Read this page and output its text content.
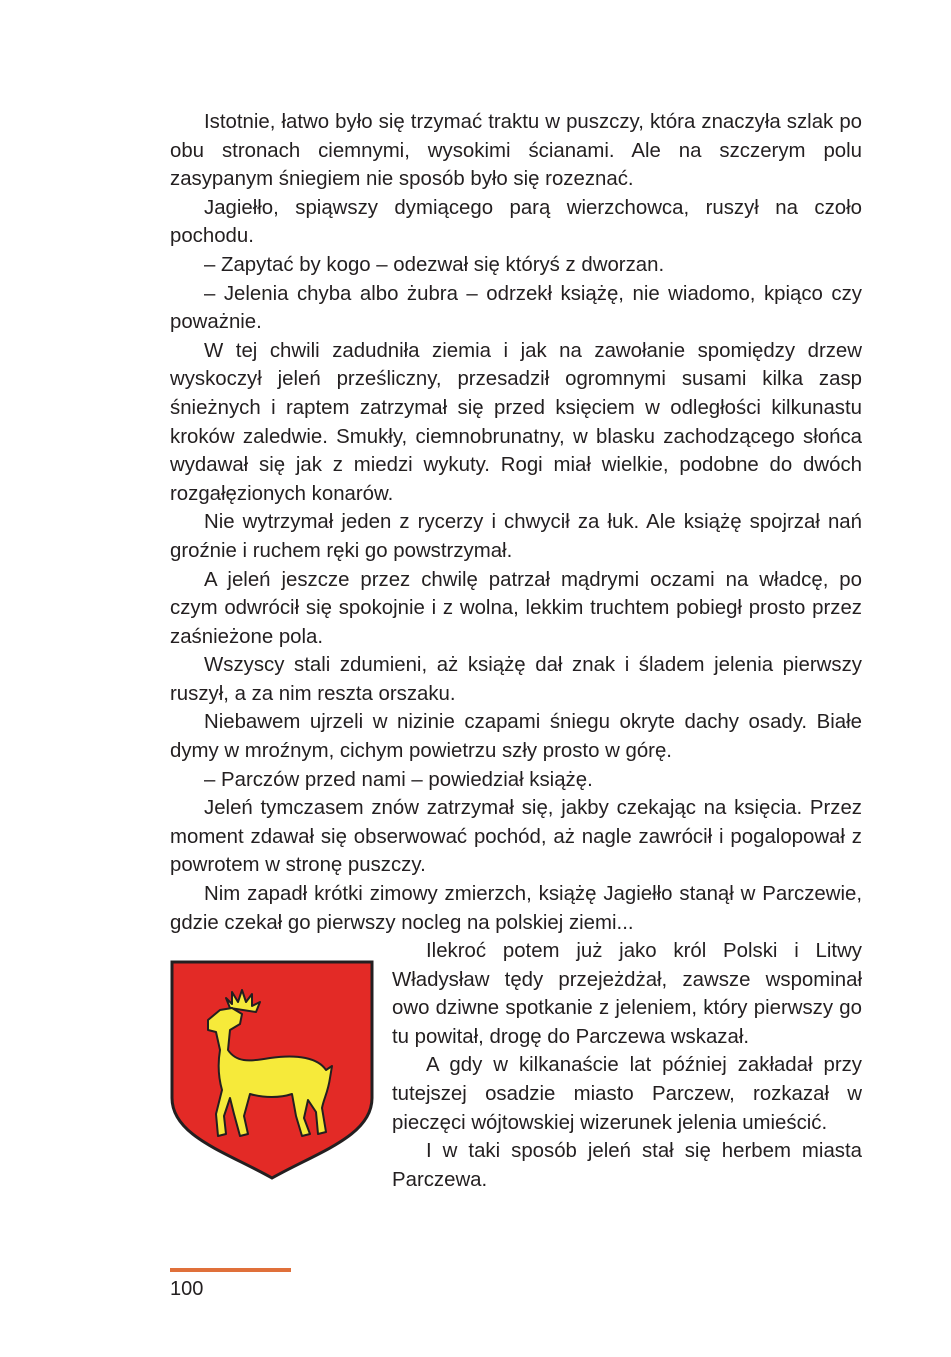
Istotnie, łatwo było się trzymać traktu w puszczy, która znaczyła szlak po obu stronach ciemnymi, wysokimi ścianami. Ale na szczerym polu zasypanym śniegiem nie sposób było się rozeznać.

Jagiełło, spiąwszy dymiącego parą wierzchowca, ruszył na czoło pochodu.

– Zapytać by kogo – odezwał się któryś z dworzan.

– Jelenia chyba albo żubra – odrzekł książę, nie wiadomo, kpiąco czy poważnie.

W tej chwili zadudniła ziemia i jak na zawołanie spomiędzy drzew wyskoczył jeleń prześliczny, przesadził ogromnymi susami kilka zasp śnieżnych i raptem zatrzymał się przed księciem w odległości kilkunastu kroków zaledwie. Smukły, ciemnobrunatny, w blasku zachodzącego słońca wydawał się jak z miedzi wykuty. Rogi miał wielkie, podobne do dwóch rozgałęzionych konarów.

Nie wytrzymał jeden z rycerzy i chwycił za łuk. Ale książę spojrzał nań groźnie i ruchem ręki go powstrzymał.

A jeleń jeszcze przez chwilę patrzał mądrymi oczami na władcę, po czym odwrócił się spokojnie i z wolna, lekkim truchtem pobiegł prosto przez zaśnieżone pola.

Wszyscy stali zdumieni, aż książę dał znak i śladem jelenia pierwszy ruszył, a za nim reszta orszaku.

Niebawem ujrzeli w nizinie czapami śniegu okryte dachy osady. Białe dymy w mroźnym, cichym powietrzu szły prosto w górę.

– Parczów przed nami – powiedział książę.

Jeleń tymczasem znów zatrzymał się, jakby czekając na księcia. Przez moment zdawał się obserwować pochód, aż nagle zawrócił i pogalopował z powrotem w stronę puszczy.

Nim zapadł krótki zimowy zmierzch, książę Jagiełło stanął w Parczewie, gdzie czekał go pierwszy nocleg na polskiej ziemi...

Ilekroć potem już jako król Polski i Litwy Władysław tędy przejeżdżał, zawsze wspominał owo dziwne spotkanie z jeleniem, który pierwszy go tu powitał, drogę do Parczewa wskazał.

A gdy w kilkanaście lat później zakładał przy tutejszej osadzie miasto Parczew, rozkazał w pieczęci wójtowskiej wizerunek jelenia umieścić.

I w taki sposób jeleń stał się herbem miasta Parczewa.

100
